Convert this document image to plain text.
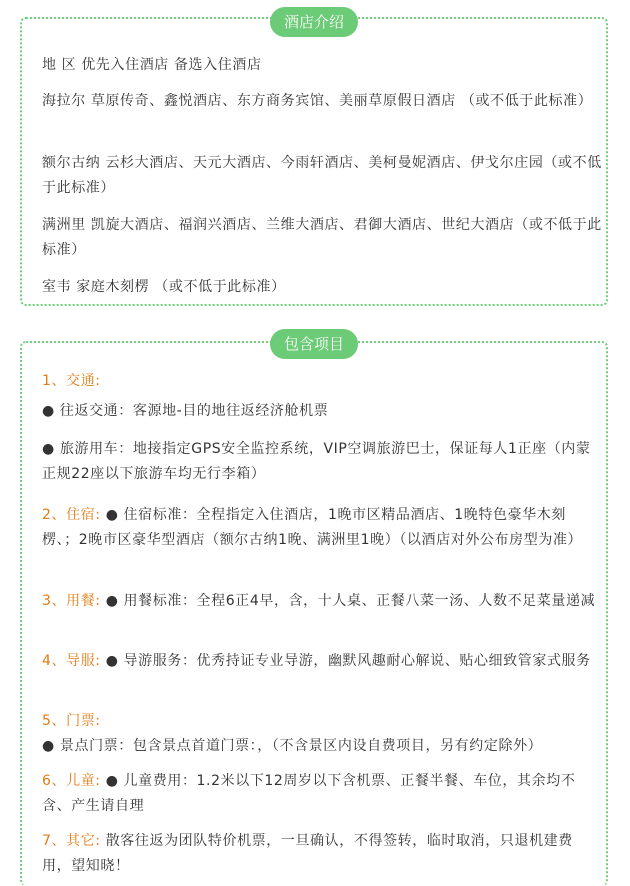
酒店介绍

地 区 优先入住酒店 备选入住酒店

海拉尔 草原传奇、鑫悦酒店、东方商务宾馆、美丽草原假日酒店 （或不低于此标准）

额尔古纳 云杉大酒店、天元大酒店、今雨轩酒店、美柯曼妮酒店、伊戈尔庄园（或不低于此标准）

满洲里 凯旋大酒店、福润兴酒店、兰维大酒店、君御大酒店、世纪大酒店（或不低于此标准）

室韦 家庭木刻楞 （或不低于此标准）

包含项目

1、交通:

● 往返交通：客源地-目的地往返经济舱机票

● 旅游用车：地接指定GPS安全监控系统，VIP空调旅游巴士，保证每人1正座（内蒙正规22座以下旅游车均无行李箱）

2、住宿: ● 住宿标准：全程指定入住酒店，1晚市区精品酒店、1晚特色豪华木刻楞、；2晚市区豪华型酒店（额尔古纳1晚、满洲里1晚）（以酒店对外公布房型为准）

3、用餐: ● 用餐标准：全程6正4早，含，十人桌、正餐八菜一汤、人数不足菜量递减

4、导服: ● 导游服务：优秀持证专业导游，幽默风趣耐心解说、贴心细致管家式服务

5、门票: ● 景点门票：包含景点首道门票：，（不含景区内设自费项目，另有约定除外）

6、儿童: ● 儿童费用：1.2米以下12周岁以下含机票、正餐半餐、车位，其余均不含、产生请自理

7、其它: 散客往返为团队特价机票，一旦确认，不得签转，临时取消，只退机建费用，望知晓！
